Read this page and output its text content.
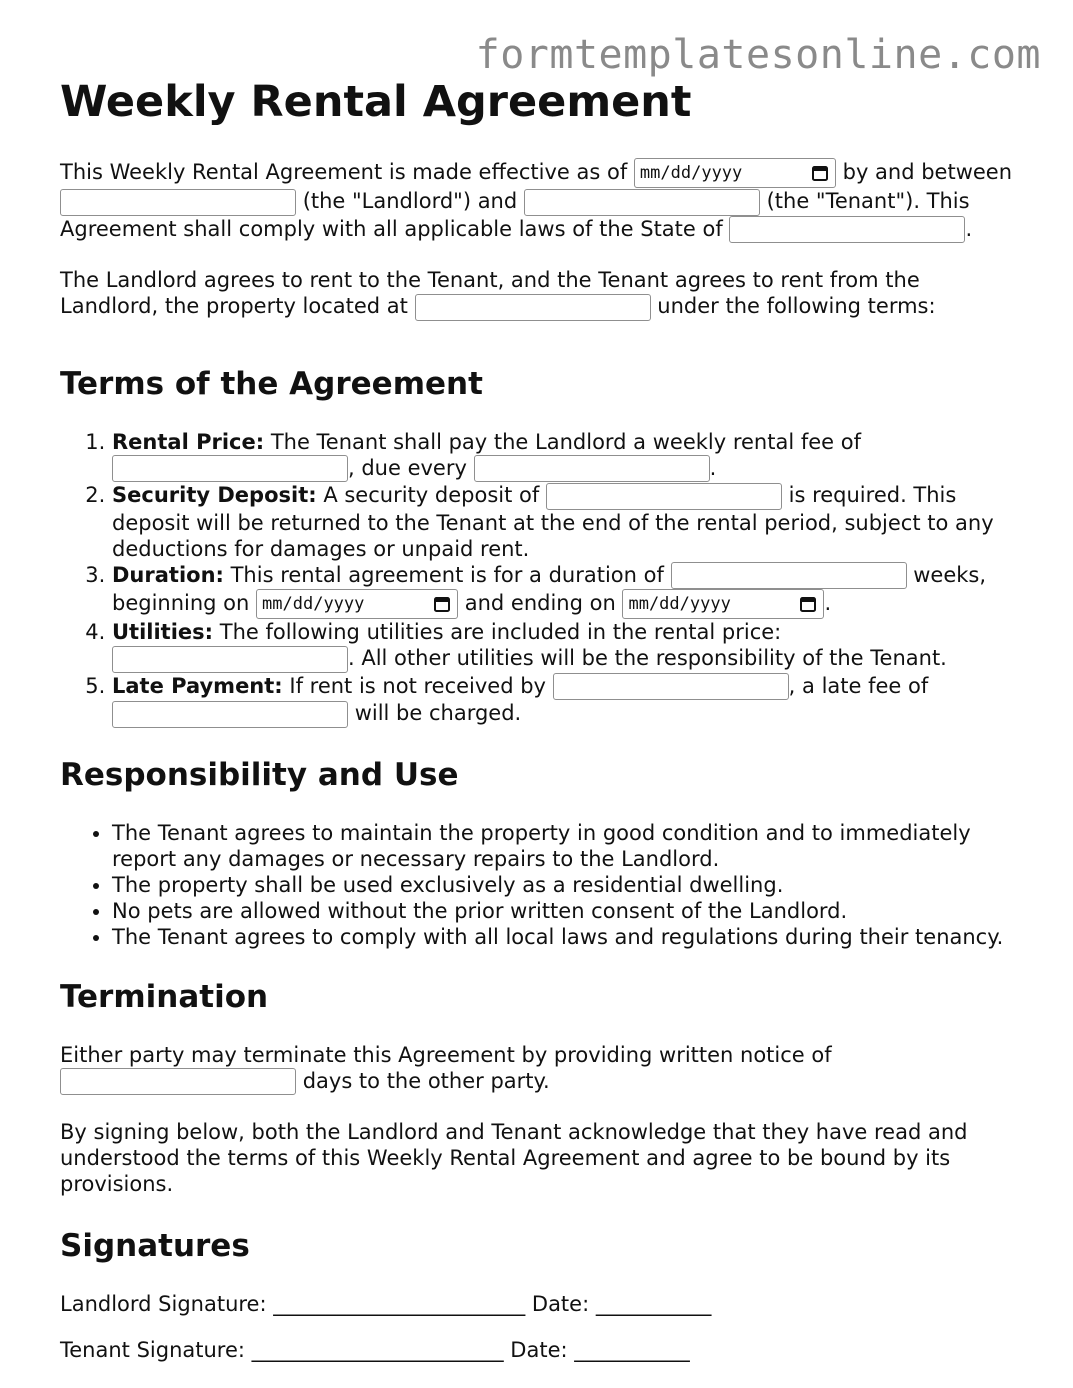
formtemplatesonline.com
Weekly Rental Agreement

This Weekly Rental Agreement is made effective as of mm/dd/yyyy	by and between
(the "Landlord") and	(the "Tenant"). This
Agreement shall comply with all applicable laws of the State of	.

The Landlord agrees to rent to the Tenant, and the Tenant agrees to rent from the Landlord, the property located at	under the following terms:

Terms of the Agreement
1. Rental Price: The Tenant shall pay the Landlord a weekly rental fee of
, due every	.
2. Security Deposit: A security deposit of	is required. This deposit will be returned to the Tenant at the end of the rental period, subject to any deductions for damages or unpaid rent.
3. Duration: This rental agreement is for a duration of	weeks,
beginning on mm/dd/yyyy	and ending on mm/dd/yyyy	.
4. Utilities: The following utilities are included in the rental price:
. All other utilities will be the responsibility of the Tenant.
5. Late Payment: If rent is not received by	, a late fee of
will be charged.
Responsibility and Use
• The Tenant agrees to maintain the property in good condition and to immediately report any damages or necessary repairs to the Landlord.
• The property shall be used exclusively as a residential dwelling.
• No pets are allowed without the prior written consent of the Landlord.
• The Tenant agrees to comply with all local laws and regulations during their tenancy.
Termination

Either party may terminate this Agreement by providing written notice of
days to the other party.

By signing below, both the Landlord and Tenant acknowledge that they have read and understood the terms of this Weekly Rental Agreement and agree to be bound by its provisions.

Signatures

Landlord Signature: ________________________ Date: ___________

Tenant Signature: ________________________ Date: ___________
